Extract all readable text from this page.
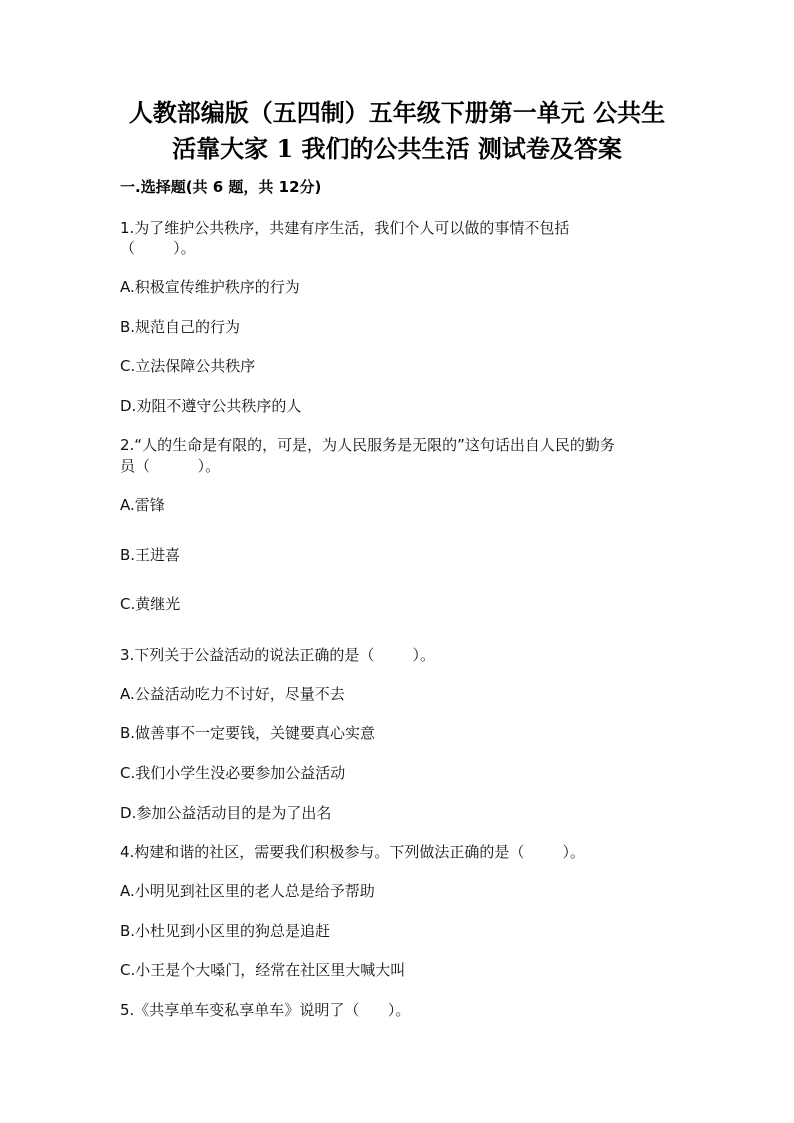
人教部编版（五四制）五年级下册第一单元 公共生
活靠大家 1 我们的公共生活 测试卷及答案
一.选择题(共 6 题，共 12分)
1.为了维护公共秩序，共建有序生活，我们个人可以做的事情不包括
（        ）。
A.积极宣传维护秩序的行为
B.规范自己的行为
C.立法保障公共秩序
D.劝阻不遵守公共秩序的人
2.“人的生命是有限的，可是，为人民服务是无限的”这句话出自人民的勤务
员（          ）。
A.雷锋
B.王进喜
C.黄继光
3.下列关于公益活动的说法正确的是（        ）。
A.公益活动吃力不讨好，尽量不去
B.做善事不一定要钱，关键要真心实意
C.我们小学生没必要参加公益活动
D.参加公益活动目的是为了出名
4.构建和谐的社区，需要我们积极参与。下列做法正确的是（        ）。
A.小明见到社区里的老人总是给予帮助
B.小杜见到小区里的狗总是追赶
C.小王是个大嗓门，经常在社区里大喊大叫
5.《共享单车变私享单车》说明了（      ）。
